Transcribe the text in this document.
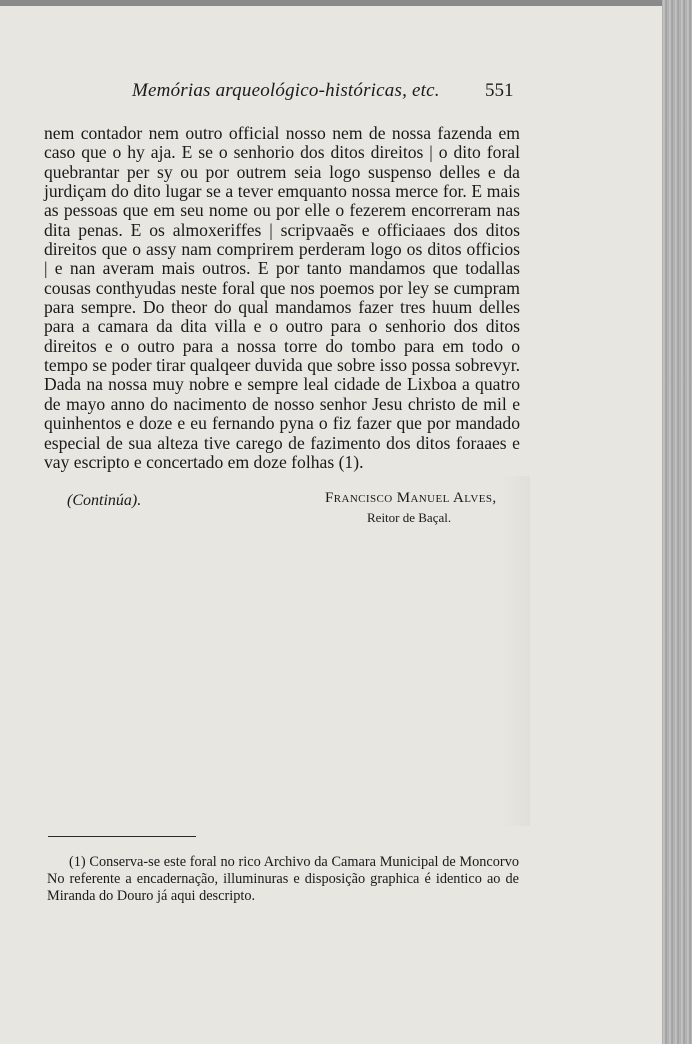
Memórias arqueológico-históricas, etc. 551

nem contador nem outro official nosso nem de nossa fazenda em caso que o hy aja. E se o senhorio dos ditos direitos | o dito foral quebrantar per sy ou por outrem seia logo suspenso delles e da jurdiçam do dito lugar se a tever emquanto nossa merce for. E mais as pessoas que em seu nome ou por elle o fezerem encorreram nas dita penas. E os almoxeriffes | scripvaaẽs e officiaaes dos ditos direitos que o assy nam comprirem perderam logo os ditos officios | e nan averam mais outros. E por tanto mandamos que todallas cousas conthyudas neste foral que nos poemos por ley se cumpram para sempre. Do theor do qual mandamos fazer tres huum delles para a camara da dita villa e o outro para o senhorio dos ditos direitos e o outro para a nossa torre do tombo para em todo o tempo se poder tirar qualqeer duvida que sobre isso possa sobrevyr. Dada na nossa muy nobre e sempre leal cidade de Lixboa a quatro de mayo anno do nacimento de nosso senhor Jesu christo de mil e quinhentos e doze e eu fernando pyna o fiz fazer que por mandado especial de sua alteza tive carego de fazimento dos ditos foraaes e vay escripto e concertado em doze folhas (1).

(Continúa).	Francisco Manuel Alves,
Reitor de Baçal.

(1) Conserva-se este foral no rico Archivo da Camara Municipal de Moncorvo No referente a encadernação, illuminuras e disposição graphica é identico ao de Miranda do Douro já aqui descripto.
